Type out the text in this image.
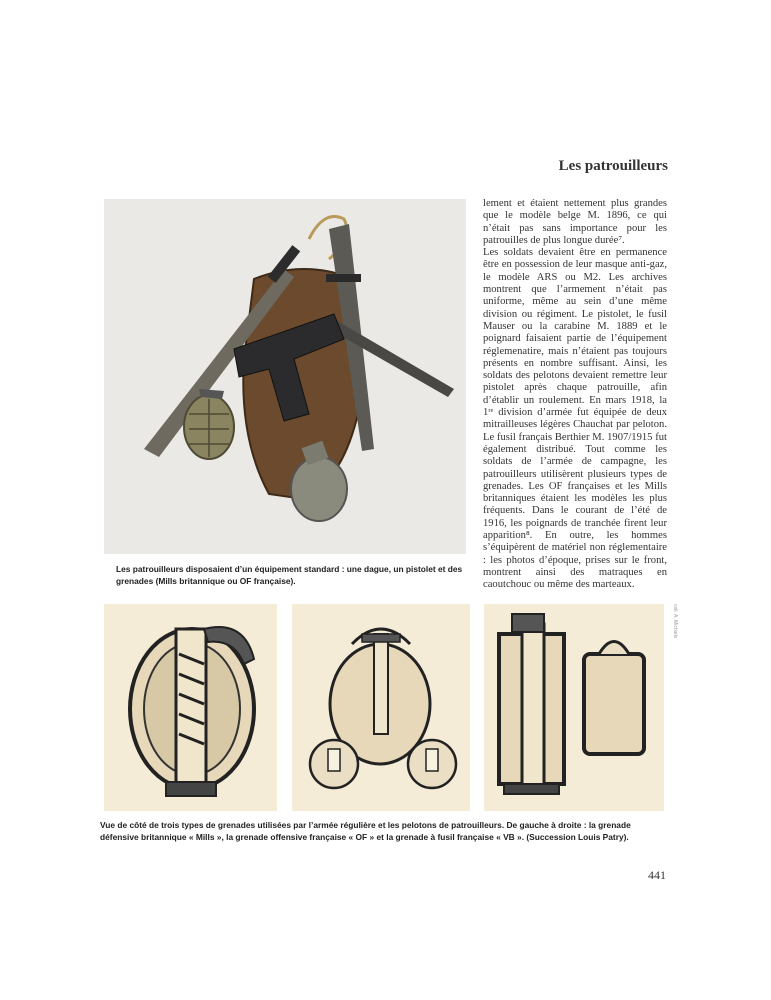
Les patrouilleurs

lement et étaient nettement plus grandes que le modèle belge M. 1896, ce qui n’était pas sans importance pour les patrouilles de plus longue durée⁷.

Les soldats devaient être en permanence être en possession de leur masque anti-gaz, le modèle ARS ou M2. Les archives montrent que l’armement n’était pas uniforme, même au sein d’une même division ou régiment. Le pistolet, le fusil Mauser ou la carabine M. 1889 et le poignard faisaient partie de l’équipement réglemenatire, mais n’étaient pas toujours présents en nombre suffisant. Ainsi, les soldats des pelotons devaient remettre leur pistolet après chaque patrouille, afin d’établir un roulement. En mars 1918, la 1ʳᵉ division d’armée fut équipée de deux mitrailleuses légères Chauchat par peloton. Le fusil français Berthier M. 1907/1915 fut également distribué. Tout comme les soldats de l’armée de campagne, les patrouilleurs utilisèrent plusieurs types de grenades. Les OF françaises et les Mills britanniques étaient les modèles les plus fréquents. Dans le courant de l’été de 1916, les poignards de tranchée firent leur apparition⁸. En outre, les hommes s’équipèrent de matériel non réglementaire : les photos d’époque, prises sur le front, montrent ainsi des matraques en caoutchouc ou même des marteaux.

Les patrouilleurs disposaient d’un équipement standard : une dague, un pistolet et des grenades (Mills britannique ou OF française).
coll. A. Michiels
Vue de côté de trois types de grenades utilisées par l’armée régulière et les pelotons de patrouilleurs. De gauche à droite : la grenade défensive britannique « Mills », la grenade offensive française « OF » et la grenade à fusil française « VB ». (Succession Louis Patry).
441
